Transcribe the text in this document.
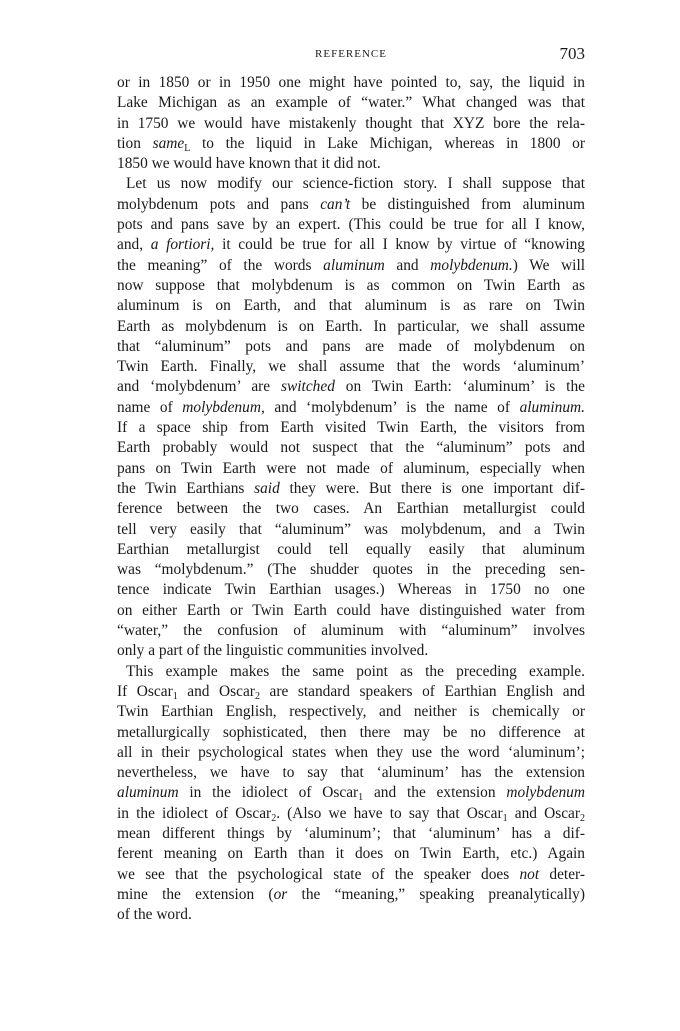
REFERENCE	703

or in 1850 or in 1950 one might have pointed to, say, the liquid in

Lake Michigan as an example of “water.” What changed was that

in 1750 we would have mistakenly thought that XYZ bore the rela-

tion same$_L$ to the liquid in Lake Michigan, whereas in 1800 or

1850 we would have known that it did not.

Let us now modify our science-fiction story. I shall suppose that

molybdenum pots and pans can’t be distinguished from aluminum

pots and pans save by an expert. (This could be true for all I know,

and, a fortiori, it could be true for all I know by virtue of “knowing

the meaning” of the words aluminum and molybdenum.) We will

now suppose that molybdenum is as common on Twin Earth as

aluminum is on Earth, and that aluminum is as rare on Twin

Earth as molybdenum is on Earth. In particular, we shall assume

that “aluminum” pots and pans are made of molybdenum on

Twin Earth. Finally, we shall assume that the words ‘aluminum’

and ‘molybdenum’ are switched on Twin Earth: ‘aluminum’ is the

name of molybdenum, and ‘molybdenum’ is the name of aluminum.

If a space ship from Earth visited Twin Earth, the visitors from

Earth probably would not suspect that the “aluminum” pots and

pans on Twin Earth were not made of aluminum, especially when

the Twin Earthians said they were. But there is one important dif-

ference between the two cases. An Earthian metallurgist could

tell very easily that “aluminum” was molybdenum, and a Twin

Earthian metallurgist could tell equally easily that aluminum

was “molybdenum.” (The shudder quotes in the preceding sen-

tence indicate Twin Earthian usages.) Whereas in 1750 no one

on either Earth or Twin Earth could have distinguished water from

“water,” the confusion of aluminum with “aluminum” involves

only a part of the linguistic communities involved.

This example makes the same point as the preceding example.

If Oscar$_1$ and Oscar$_2$ are standard speakers of Earthian English and

Twin Earthian English, respectively, and neither is chemically or

metallurgically sophisticated, then there may be no difference at

all in their psychological states when they use the word ‘aluminum’;

nevertheless, we have to say that ‘aluminum’ has the extension

aluminum in the idiolect of Oscar$_1$ and the extension molybdenum

in the idiolect of Oscar$_2$. (Also we have to say that Oscar$_1$ and Oscar$_2$

mean different things by ‘aluminum’; that ‘aluminum’ has a dif-

ferent meaning on Earth than it does on Twin Earth, etc.) Again

we see that the psychological state of the speaker does not deter-

mine the extension (or the “meaning,” speaking preanalytically)

of the word.
